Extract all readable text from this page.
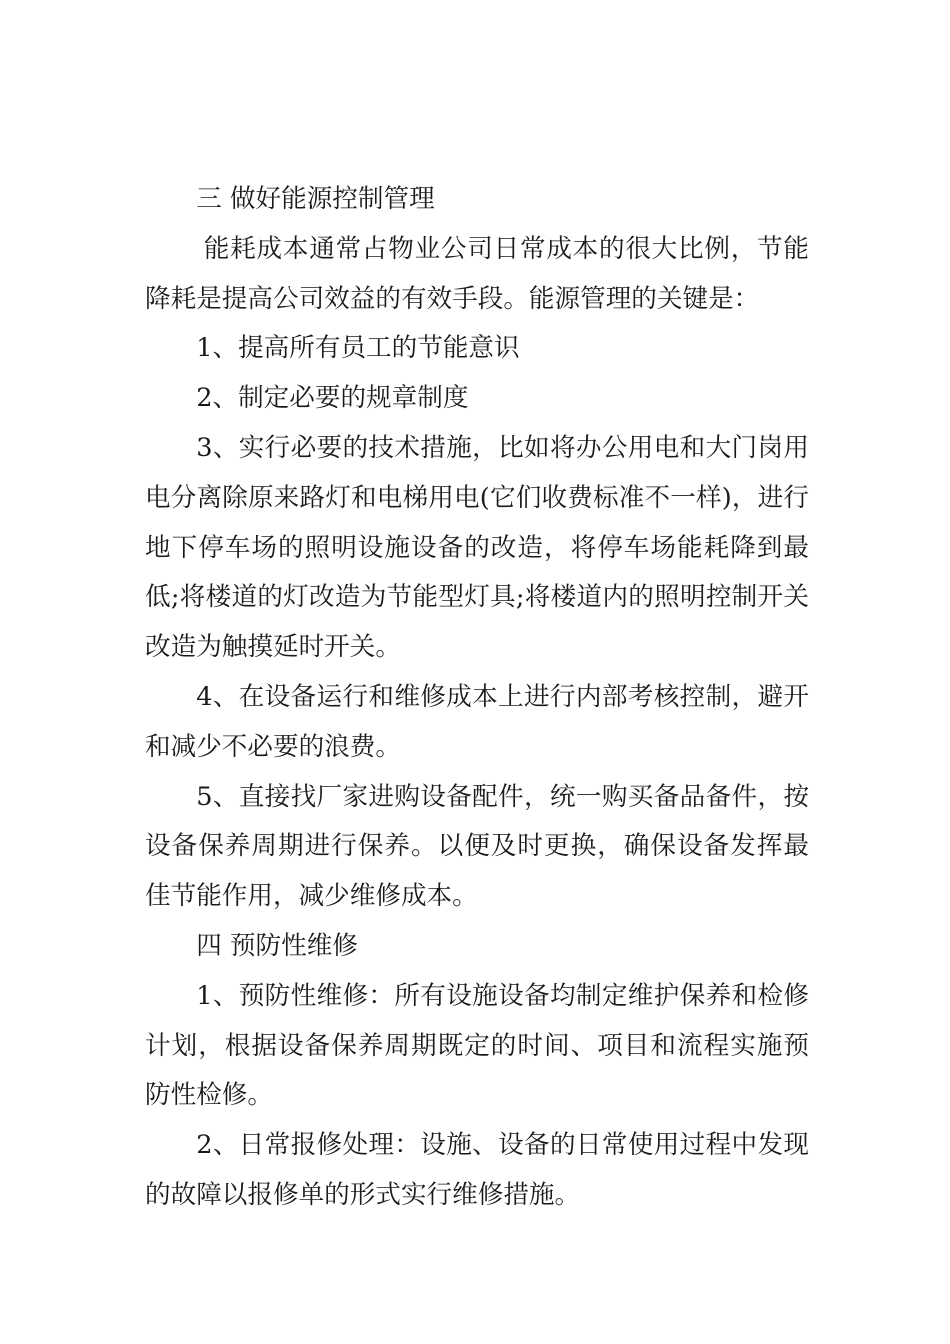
三 做好能源控制管理

能耗成本通常占物业公司日常成本的很大比例，节能降耗是提高公司效益的有效手段。能源管理的关键是：

1、提高所有员工的节能意识

2、制定必要的规章制度

3、实行必要的技术措施，比如将办公用电和大门岗用电分离除原来路灯和电梯用电(它们收费标准不一样)，进行地下停车场的照明设施设备的改造，将停车场能耗降到最低;将楼道的灯改造为节能型灯具;将楼道内的照明控制开关改造为触摸延时开关。

4、在设备运行和维修成本上进行内部考核控制，避开和减少不必要的浪费。

5、直接找厂家进购设备配件，统一购买备品备件，按设备保养周期进行保养。以便及时更换，确保设备发挥最佳节能作用，减少维修成本。

四 预防性维修

1、预防性维修：所有设施设备均制定维护保养和检修计划，根据设备保养周期既定的时间、项目和流程实施预防性检修。

2、日常报修处理：设施、设备的日常使用过程中发现的故障以报修单的形式实行维修措施。
